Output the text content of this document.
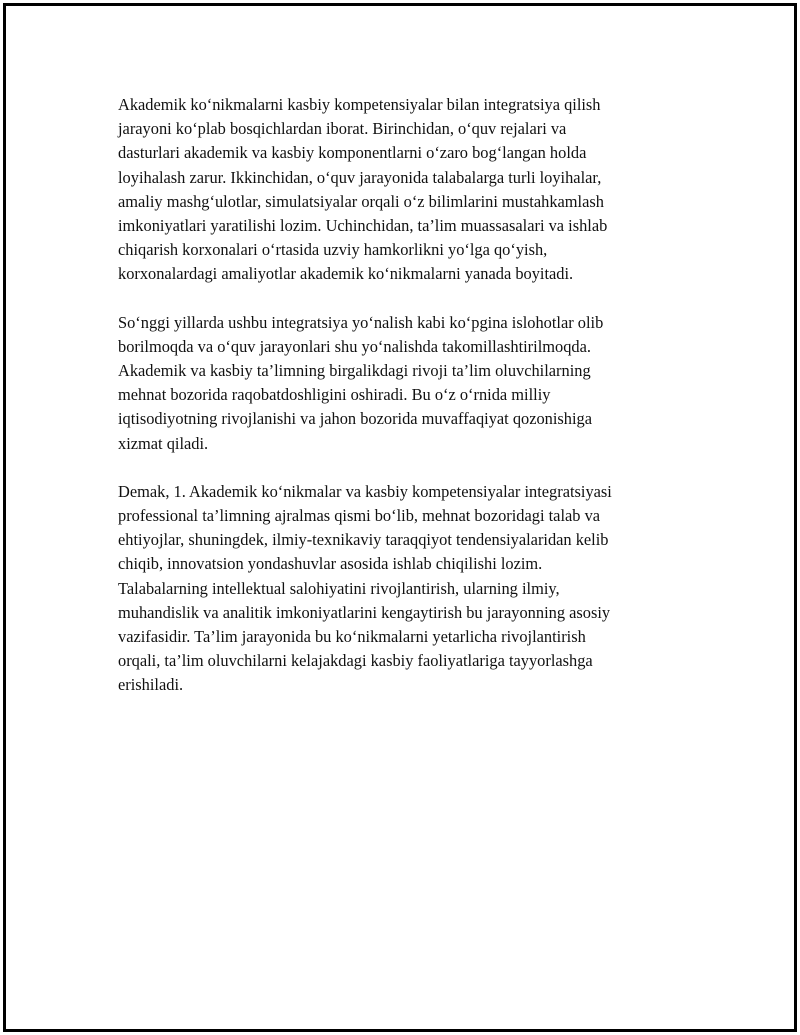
Akademik ko‘nikmalarni kasbiy kompetensiyalar bilan integratsiya qilish
jarayoni ko‘plab bosqichlardan iborat. Birinchidan, o‘quv rejalari va
dasturlari akademik va kasbiy komponentlarni o‘zaro bog‘langan holda
loyihalash zarur. Ikkinchidan, o‘quv jarayonida talabalarga turli loyihalar,
amaliy mashg‘ulotlar, simulatsiyalar orqali o‘z bilimlarini mustahkamlash
imkoniyatlari yaratilishi lozim. Uchinchidan, ta’lim muassasalari va ishlab
chiqarish korxonalari o‘rtasida uzviy hamkorlikni yo‘lga qo‘yish,
korxonalardagi amaliyotlar akademik ko‘nikmalarni yanada boyitadi.

So‘nggi yillarda ushbu integratsiya yo‘nalish kabi ko‘pgina islohotlar olib
borilmoqda va o‘quv jarayonlari shu yo‘nalishda takomillashtirilmoqda.
Akademik va kasbiy ta’limning birgalikdagi rivoji ta’lim oluvchilarning
mehnat bozorida raqobatdoshligini oshiradi. Bu o‘z o‘rnida milliy
iqtisodiyotning rivojlanishi va jahon bozorida muvaffaqiyat qozonishiga
xizmat qiladi.

Demak, 1. Akademik ko‘nikmalar va kasbiy kompetensiyalar integratsiyasi
professional ta’limning ajralmas qismi bo‘lib, mehnat bozoridagi talab va
ehtiyojlar, shuningdek, ilmiy-texnikaviy taraqqiyot tendensiyalaridan kelib
chiqib, innovatsion yondashuvlar asosida ishlab chiqilishi lozim.
Talabalarning intellektual salohiyatini rivojlantirish, ularning ilmiy,
muhandislik va analitik imkoniyatlarini kengaytirish bu jarayonning asosiy
vazifasidir. Ta’lim jarayonida bu ko‘nikmalarni yetarlicha rivojlantirish
orqali, ta’lim oluvchilarni kelajakdagi kasbiy faoliyatlariga tayyorlashga
erishiladi.
